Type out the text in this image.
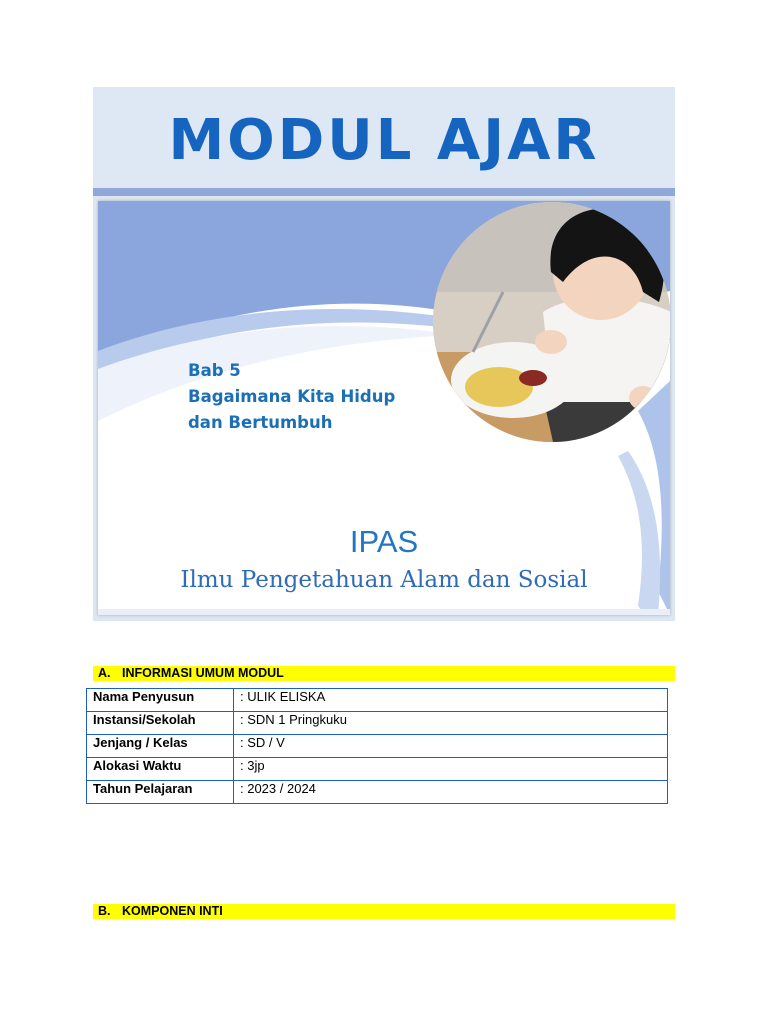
MODUL AJAR
Bab 5
Bagaimana Kita Hidup
dan Bertumbuh
IPAS
Ilmu Pengetahuan Alam dan Sosial
A. INFORMASI UMUM MODUL
Nama Penyusun	: ULIK ELISKA
Instansi/Sekolah	: SDN 1 Pringkuku
Jenjang / Kelas	: SD / V
Alokasi Waktu	: 3jp
Tahun Pelajaran	: 2023 / 2024
B. KOMPONEN INTI
